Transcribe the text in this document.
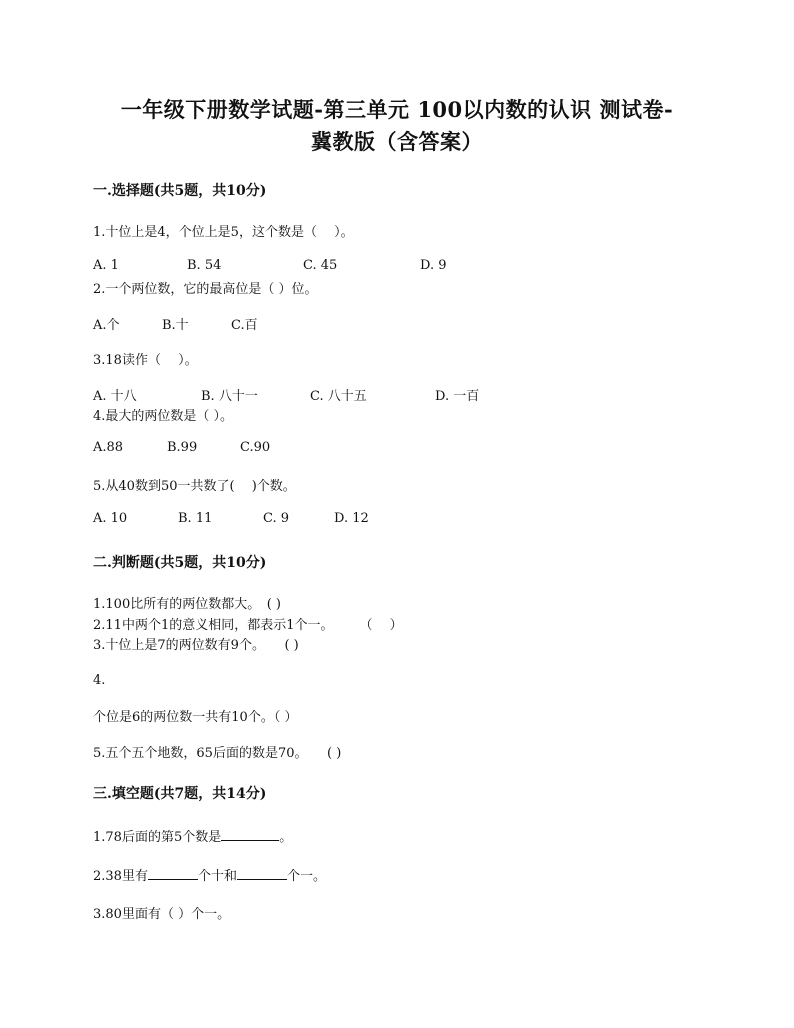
一年级下册数学试题-第三单元 100以内数的认识 测试卷-
冀教版（含答案）
一.选择题(共5题，共10分)
1.十位上是4，个位上是5，这个数是（　 ）。
A. 1	B. 54	C. 45	D. 9
2.一个两位数，它的最高位是（ ）位。
A.个	B.十	C.百
3.18读作（　 ）。
A. 十八	B. 八十一	C. 八十五	D. 一百
4.最大的两位数是（ ）。
A.88	B.99	C.90
5.从40数到50一共数了(　 )个数。
A. 10	B. 11	C. 9	D. 12
二.判断题(共5题，共10分)
1.100比所有的两位数都大。　( )
2.11中两个1的意义相同，都表示1个一。　　　（　 ）
3.十位上是7的两位数有9个。　　( )
4.
个位是6的两位数一共有10个。（ ）
5.五个五个地数，65后面的数是70。　　( )
三.填空题(共7题，共14分)
1.78后面的第5个数是	。
2.38里有	个十和	个一。
3.80里面有（ ）个一。
